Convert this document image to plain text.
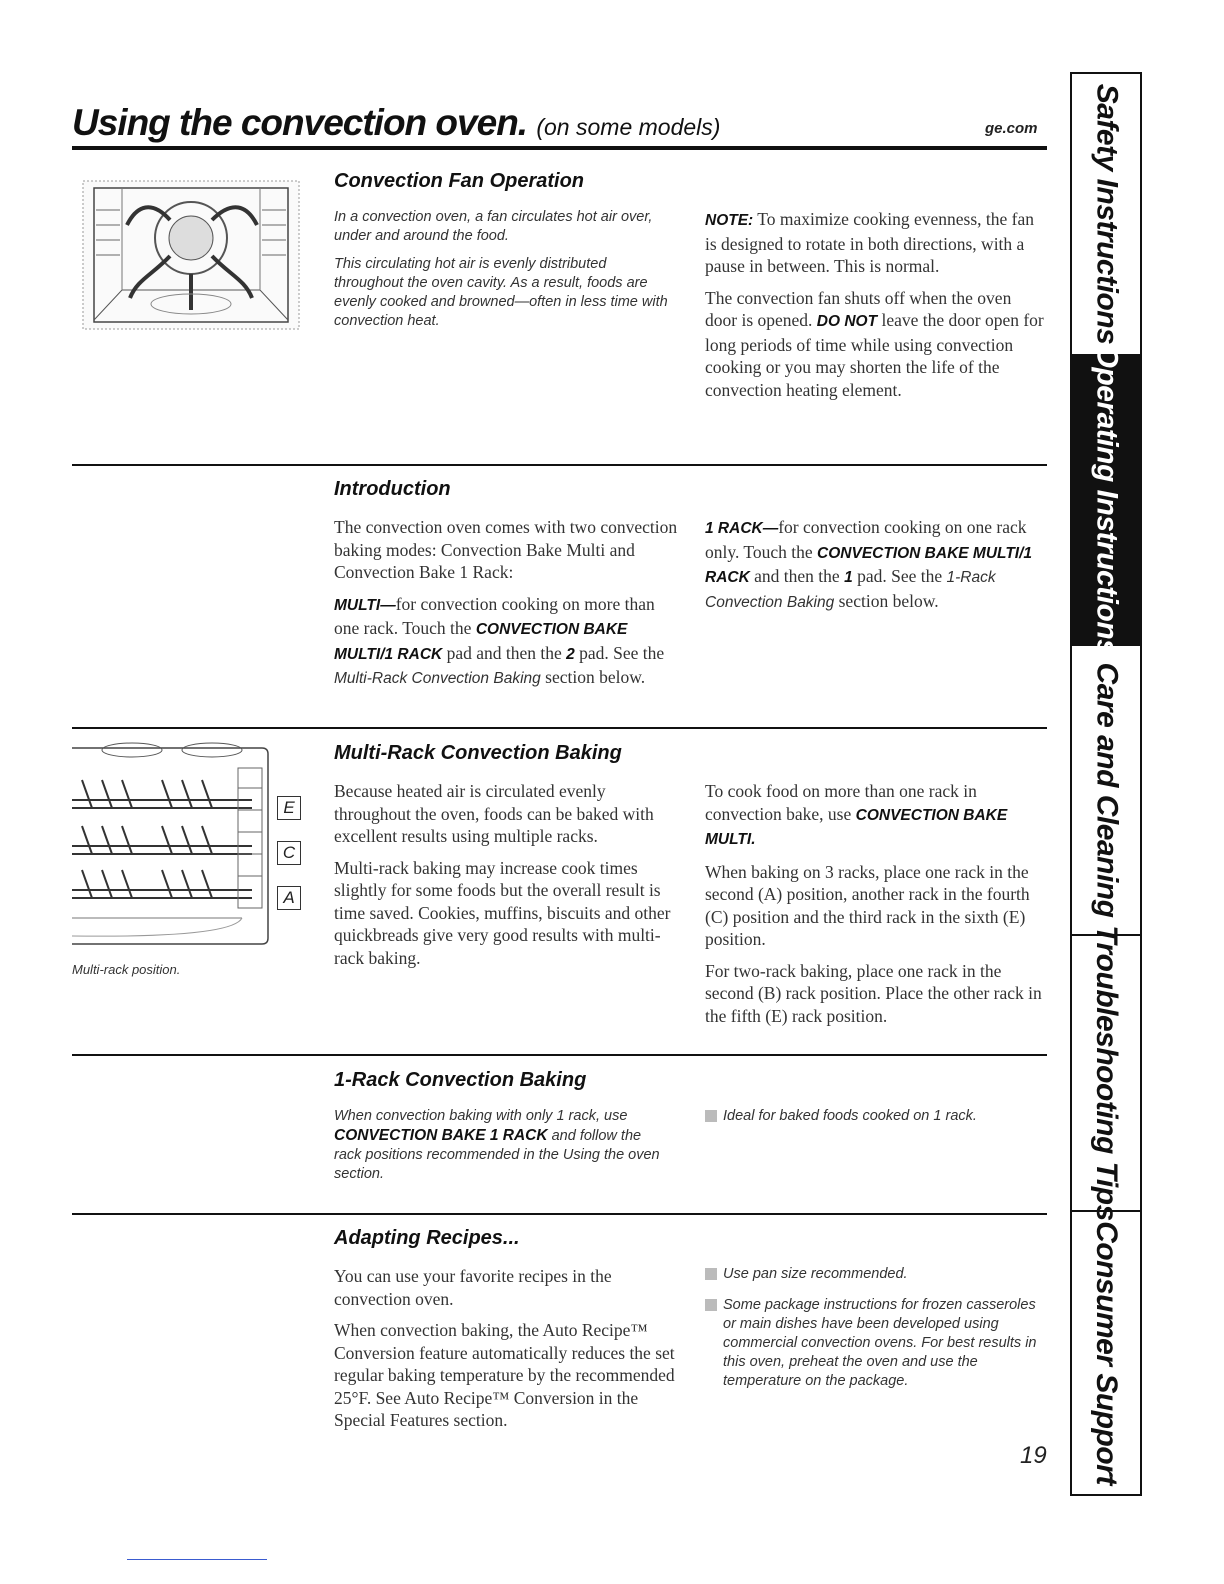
Using the convection oven. (on some models)	ge.com
Convection Fan Operation

In a convection oven, a fan circulates hot air over, under and around the food.

This circulating hot air is evenly distributed throughout the oven cavity. As a result, foods are evenly cooked and browned—often in less time with convection heat.

NOTE: To maximize cooking evenness, the fan is designed to rotate in both directions, with a pause in between. This is normal.

The convection fan shuts off when the oven door is opened. DO NOT leave the door open for long periods of time while using convection cooking or you may shorten the life of the convection heating element.

Introduction

The convection oven comes with two convection baking modes: Convection Bake Multi and Convection Bake 1 Rack:

MULTI—for convection cooking on more than one rack. Touch the CONVECTION BAKE MULTI/1 RACK pad and then the 2 pad. See the Multi-Rack Convection Baking section below.

1 RACK—for convection cooking on one rack only. Touch the CONVECTION BAKE MULTI/1 RACK and then the 1 pad. See the 1-Rack Convection Baking section below.

E
C
A
Multi-rack position.
Multi-Rack Convection Baking

Because heated air is circulated evenly throughout the oven, foods can be baked with excellent results using multiple racks.

Multi-rack baking may increase cook times slightly for some foods but the overall result is time saved. Cookies, muffins, biscuits and other quickbreads give very good results with multi-rack baking.

To cook food on more than one rack in convection bake, use CONVECTION BAKE MULTI.

When baking on 3 racks, place one rack in the second (A) position, another rack in the fourth (C) position and the third rack in the sixth (E) position.

For two-rack baking, place one rack in the second (B) rack position. Place the other rack in the fifth (E) rack position.

1-Rack Convection Baking

When convection baking with only 1 rack, use CONVECTION BAKE 1 RACK and follow the rack positions recommended in the Using the oven section.

Ideal for baked foods cooked on 1 rack.
Adapting Recipes...

You can use your favorite recipes in the convection oven.

When convection baking, the Auto Recipe™ Conversion feature automatically reduces the set regular baking temperature by the recommended 25°F. See Auto Recipe™ Conversion in the Special Features section.

Use pan size recommended.
Some package instructions for frozen casseroles or main dishes have been developed using commercial convection ovens. For best results in this oven, preheat the oven and use the temperature on the package.
19
Safety Instructions
Operating Instructions
Care and Cleaning
Troubleshooting Tips
Consumer Support
